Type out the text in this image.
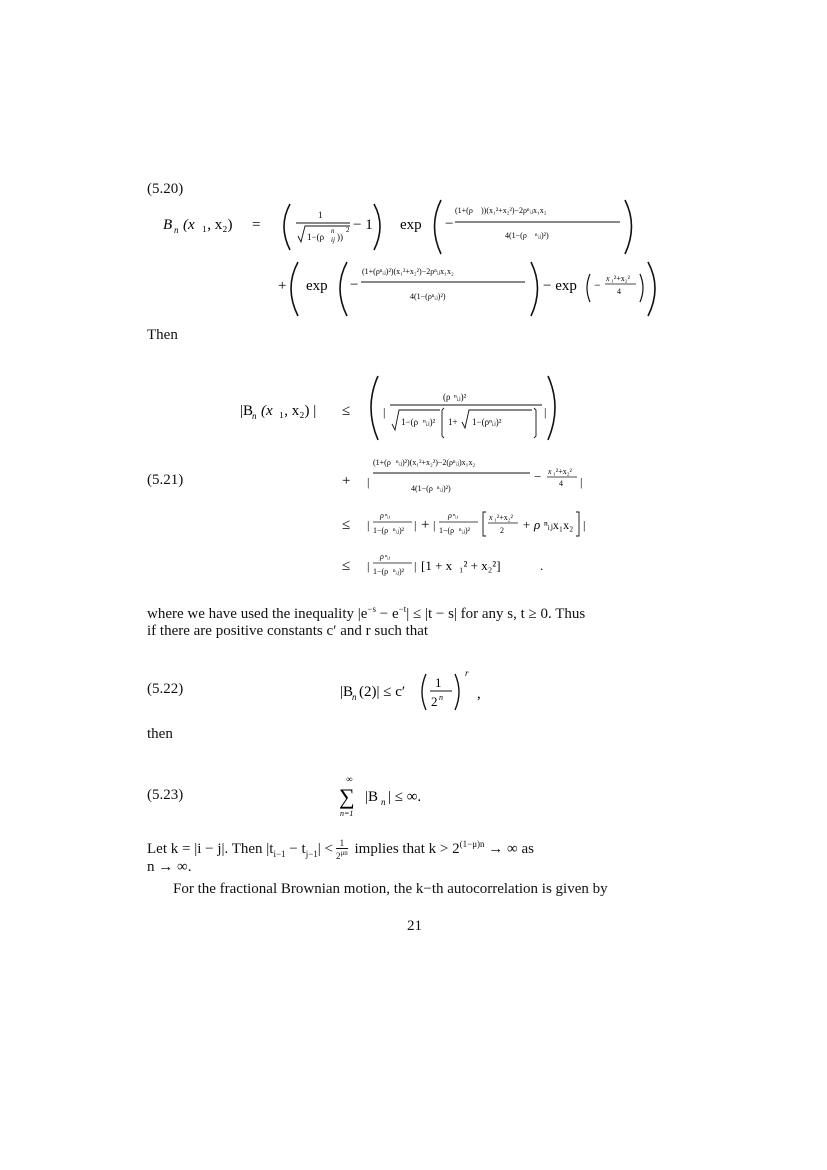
(5.20)
B n (x ₁, x₂) =
1
1−(ρ ij
n
))
2 − 1 exp −
(1+(ρ ))(x₁²+x₂²)−2ρⁿᵢⱼx₁x₂
4(1−(ρ ⁿᵢⱼ)²)
+ exp −
(1+(ρⁿᵢⱼ)²)(x₁²+x₂²)−2ρⁿᵢⱼx₁x₂
4(1−(ρⁿᵢⱼ)²)
− exp − x ₁²+x₂²
4
Then
|B
n (x ₁, x₂) | ≤	|
(ρ ⁿᵢⱼ)²
1−(ρ ⁿᵢⱼ)² 1+ 1−(ρⁿᵢⱼ)²
|
+ |
(1+(ρ ⁿᵢⱼ)²)(x₁²+x₂²)−2(ρⁿᵢⱼ)x₁x₂
4(1−(ρ ⁿᵢⱼ)²)
− x ₁²+x₂²
4 |
≤ |
ρ ⁿᵢⱼ
1−(ρ ⁿᵢⱼ)² | + |
ρ ⁿᵢⱼ
1−(ρ ⁿᵢⱼ)²
x ₁²+x₂²
2 + ρ ⁿᵢⱼx₁x₂ |
≤ |
ρ ⁿᵢⱼ
1−(ρ ⁿᵢⱼ)² | [1 + x ₁² + x₂²]	.
(5.21)
where we have used the inequality $|e^{-s} - e^{-t}| \le |t - s|$ for any s, t ≥ 0. Thus
if there are positive constants c′ and r such that
(5.22)	|B
n (2)| ≤ c′
1
2 n
r
,
then
(5.23)
∞
∑
n=1
|B n | ≤ ∞.
Let k = |i − j|. Then $|t_{i-1} - t_{j-1}| < \frac{1}{2^{\mu n}}$ implies that $k > 2^{(1-\mu)n}$ → ∞ as
n → ∞.
For the fractional Brownian motion, the k−th autocorrelation is given by
21
